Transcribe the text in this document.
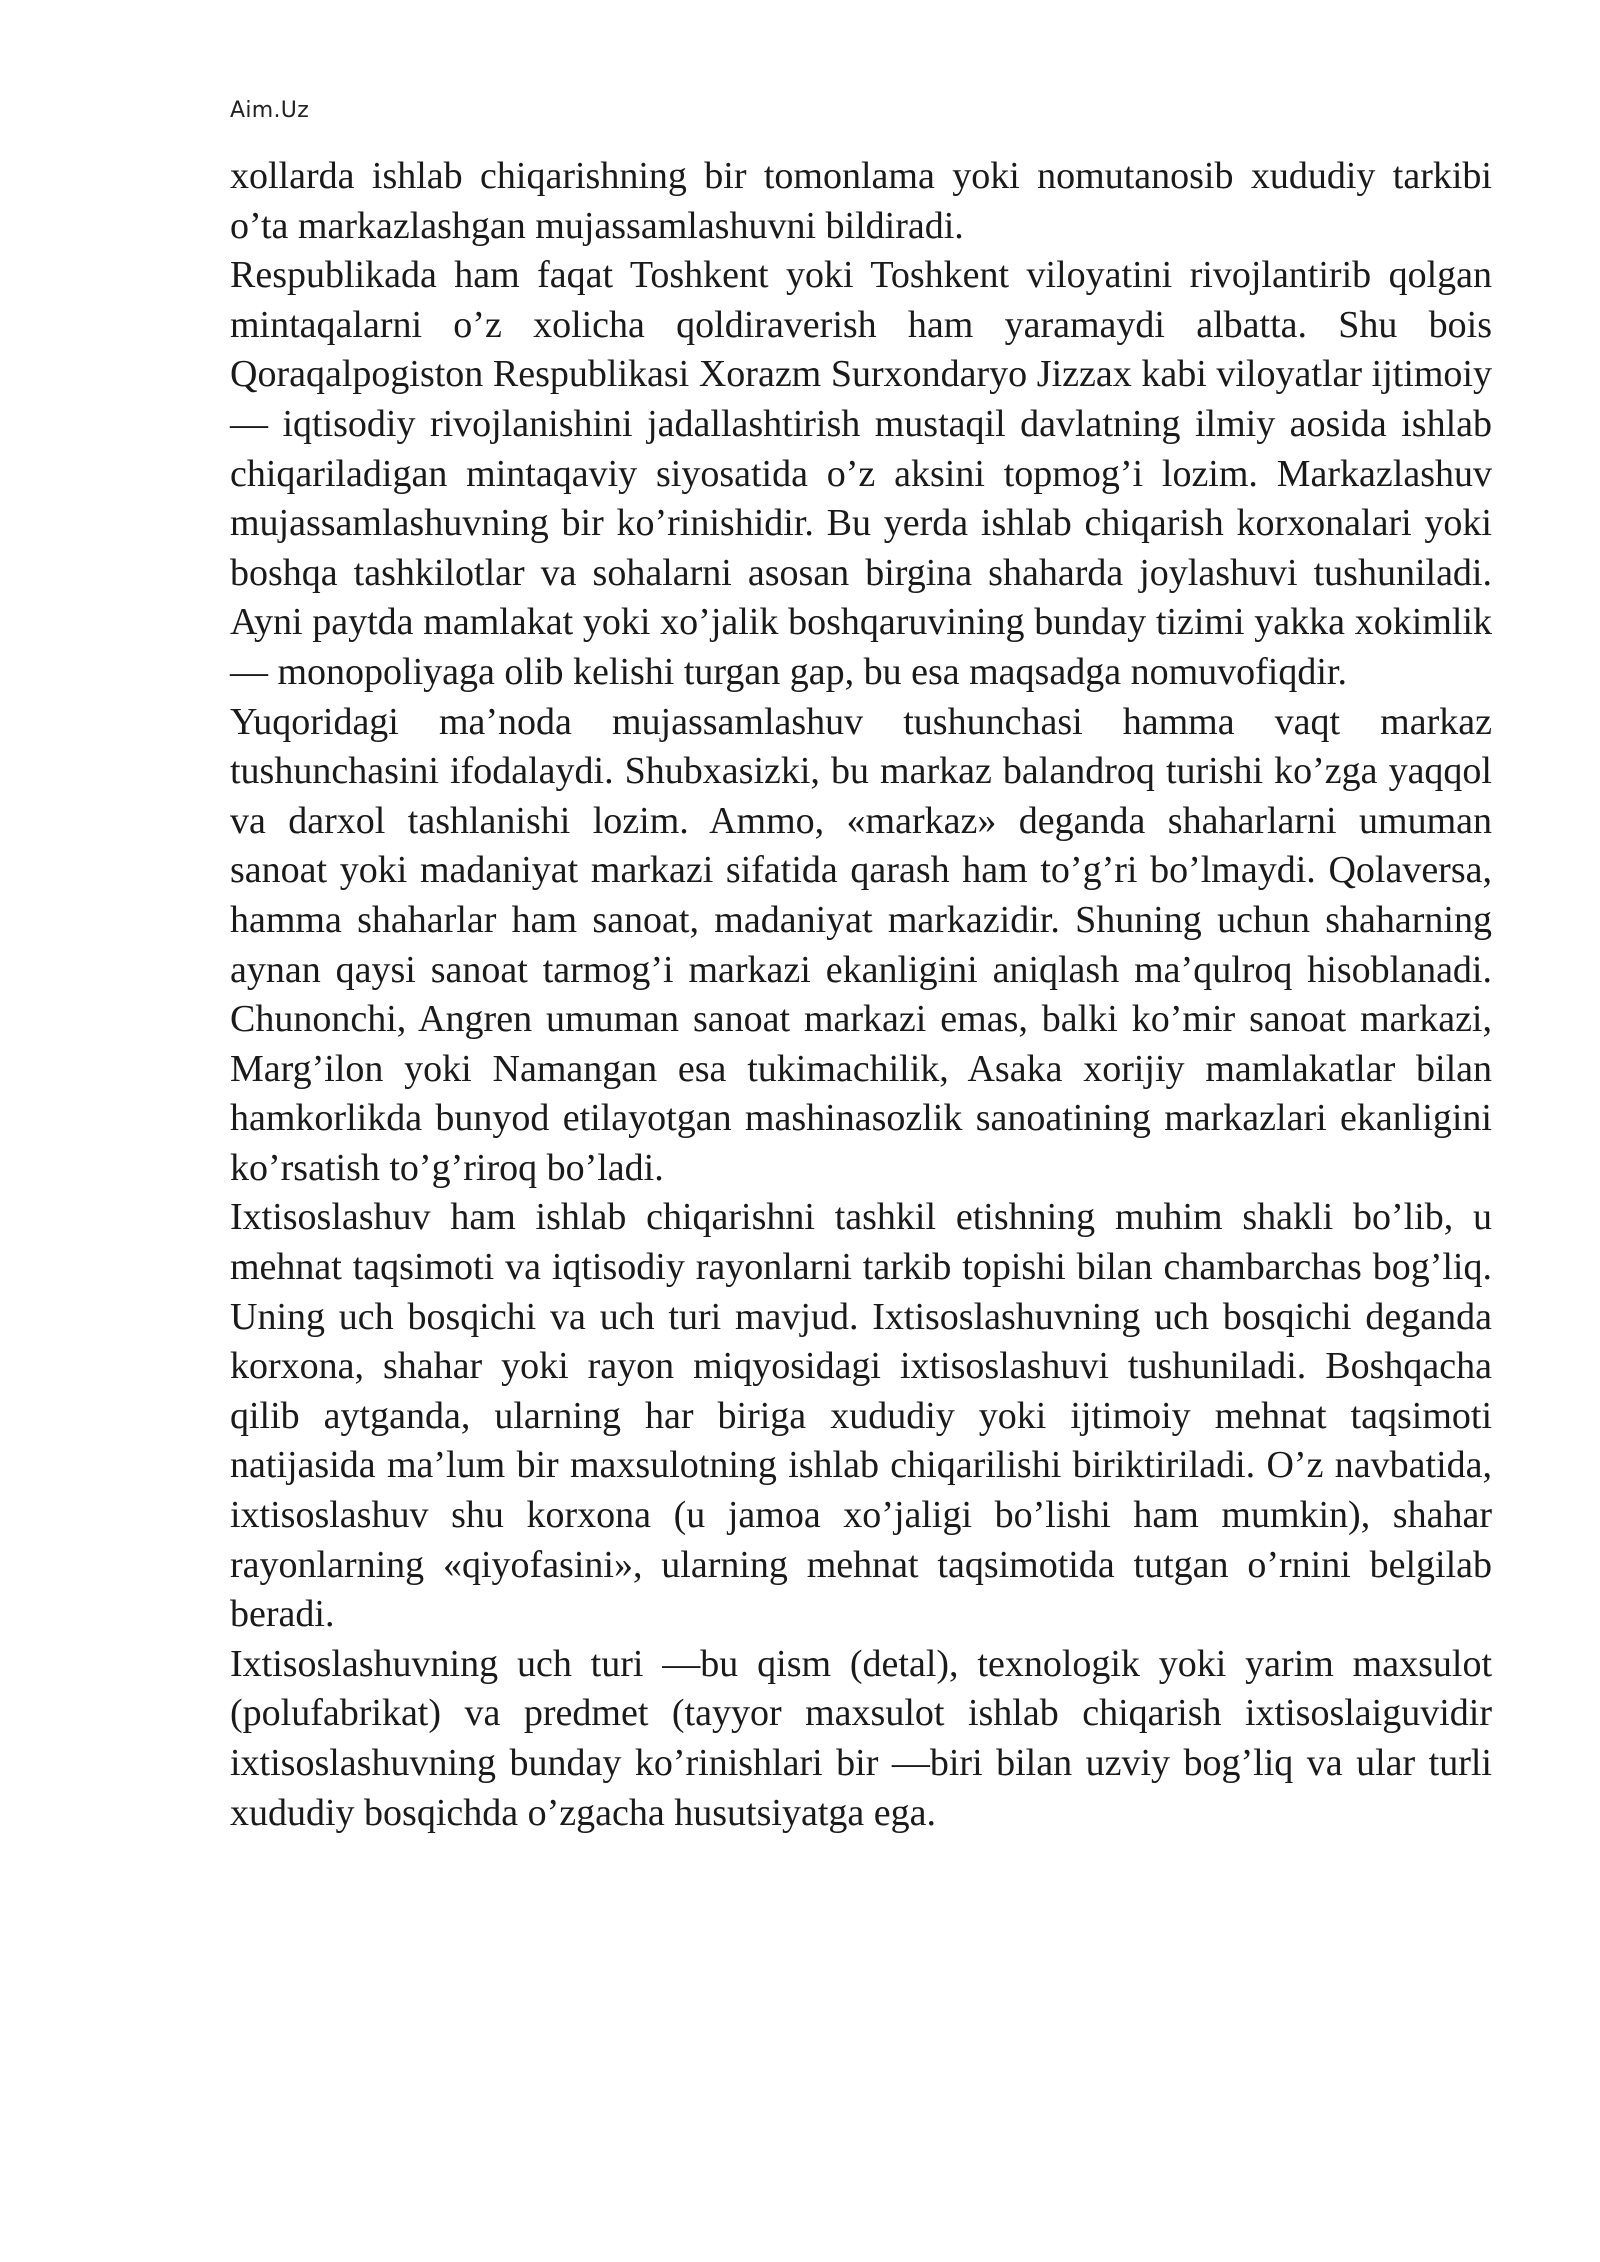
Aim.Uz

xollarda ishlab chiqarishning bir tomonlama yoki nomutanosib xududiy tarkibi o’ta markazlashgan mujassamlashuvni bildiradi.

Respublikada ham faqat Toshkent yoki Toshkent viloyatini rivojlantirib qolgan mintaqalarni o’z xolicha qoldiraverish ham yaramaydi albatta. Shu bois Qoraqalpogiston Respublikasi Xorazm Surxondaryo Jizzax kabi viloyatlar ijtimoiy — iqtisodiy rivojlanishini jadallashtirish mustaqil davlatning ilmiy aosida ishlab chiqariladigan mintaqaviy siyosatida o’z aksini topmog’i lozim. Markazlashuv mujassamlashuvning bir ko’rinishidir. Bu yerda ishlab chiqarish korxonalari yoki boshqa tashkilotlar va sohalarni asosan birgina shaharda joylashuvi tushuniladi. Ayni paytda mamlakat yoki xo’jalik boshqaruvining bunday tizimi yakka xokimlik — monopoliyaga olib kelishi turgan gap, bu esa maqsadga nomuvofiqdir.

Yuqoridagi ma’noda mujassamlashuv tushunchasi hamma vaqt markaz tushunchasini ifodalaydi. Shubxasizki, bu markaz balandroq turishi ko’zga yaqqol va darxol tashlanishi lozim. Ammo, «markaz» deganda shaharlarni umuman sanoat yoki madaniyat markazi sifatida qarash ham to’g’ri bo’lmaydi. Qolaversa, hamma shaharlar ham sanoat, madaniyat markazidir. Shuning uchun shaharning aynan qaysi sanoat tarmog’i markazi ekanligini aniqlash ma’qulroq hisoblanadi. Chunonchi, Angren umuman sanoat markazi emas, balki ko’mir sanoat markazi, Marg’ilon yoki Namangan esa tukimachilik, Asaka xorijiy mamlakatlar bilan hamkorlikda bunyod etilayotgan mashinasozlik sanoatining markazlari ekanligini ko’rsatish to’g’riroq bo’ladi.

Ixtisoslashuv ham ishlab chiqarishni tashkil etishning muhim shakli bo’lib, u mehnat taqsimoti va iqtisodiy rayonlarni tarkib topishi bilan chambarchas bog’liq. Uning uch bosqichi va uch turi mavjud. Ixtisoslashuvning uch bosqichi deganda korxona, shahar yoki rayon miqyosidagi ixtisoslashuvi tushuniladi. Boshqacha qilib aytganda, ularning har biriga xududiy yoki ijtimoiy mehnat taqsimoti natijasida ma’lum bir maxsulotning ishlab chiqarilishi biriktiriladi. O’z navbatida, ixtisoslashuv shu korxona (u jamoa xo’jaligi bo’lishi ham mumkin), shahar rayonlarning «qiyofasini», ularning mehnat taqsimotida tutgan o’rnini belgilab beradi.

Ixtisoslashuvning uch turi —bu qism (detal), texnologik yoki yarim maxsulot (polufabrikat) va predmet (tayyor maxsulot ishlab chiqarish ixtisoslaiguvidir ixtisoslashuvning bunday ko’rinishlari bir —biri bilan uzviy bog’liq va ular turli xududiy bosqichda o’zgacha husutsiyatga ega.
